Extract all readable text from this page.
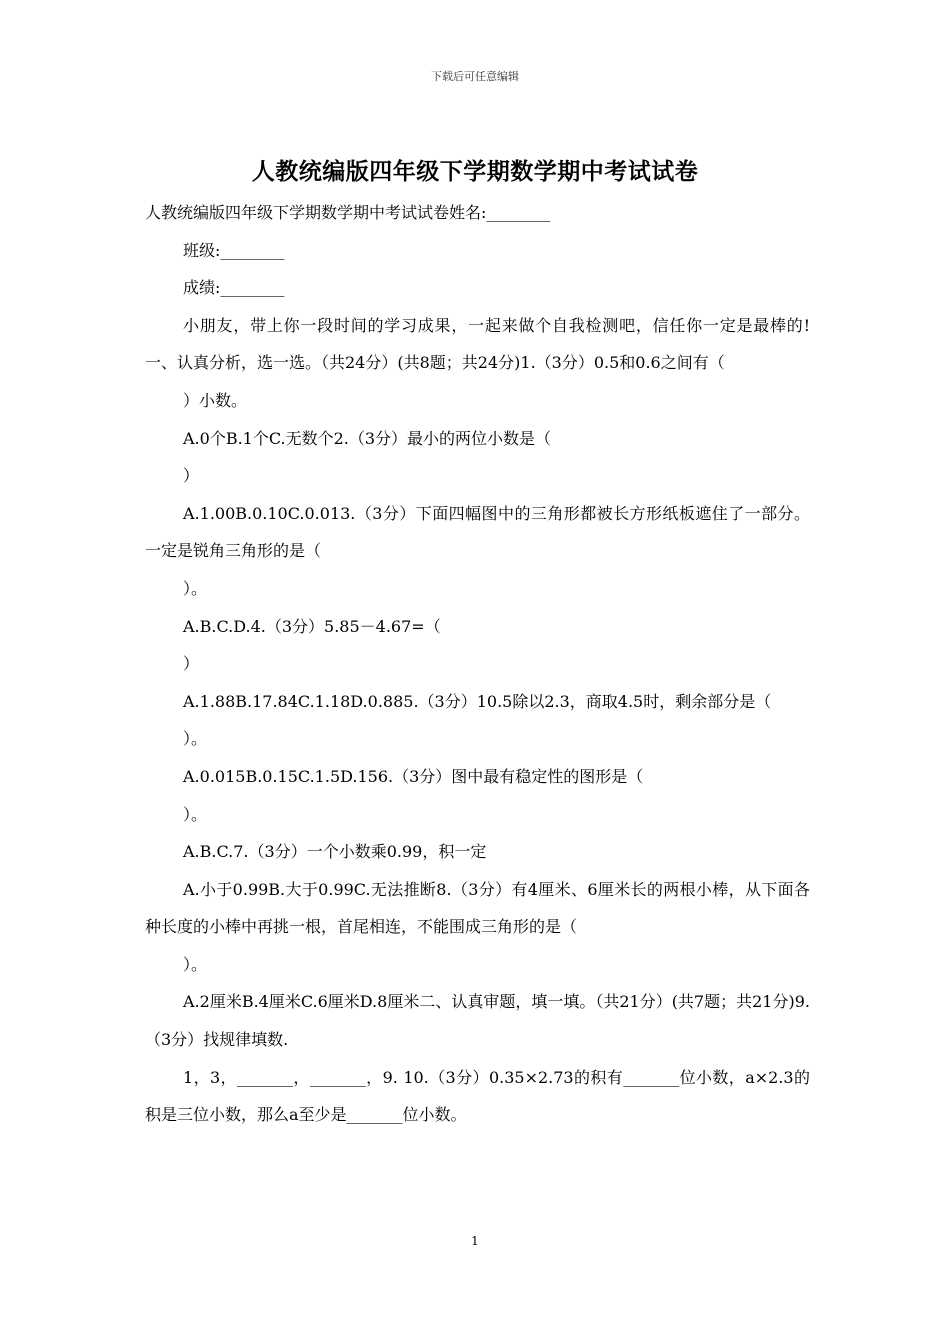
下载后可任意编辑
人教统编版四年级下学期数学期中考试试卷

人教统编版四年级下学期数学期中考试试卷姓名:________

班级:________

成绩:________

小朋友，带上你一段时间的学习成果，一起来做个自我检测吧，信任你一定是最棒的!一、认真分析，选一选。（共24分）(共8题；共24分)1.（3分）0.5和0.6之间有（

）小数。

A.0个B.1个C.无数个2.（3分）最小的两位小数是（

）

A.1.00B.0.10C.0.013.（3分）下面四幅图中的三角形都被长方形纸板遮住了一部分。一定是锐角三角形的是（

）。

A.B.C.D.4.（3分）5.85－4.67=（

）

A.1.88B.17.84C.1.18D.0.885.（3分）10.5除以2.3，商取4.5时，剩余部分是（

）。

A.0.015B.0.15C.1.5D.156.（3分）图中最有稳定性的图形是（

）。

A.B.C.7.（3分）一个小数乘0.99，积一定

A.小于0.99B.大于0.99C.无法推断8.（3分）有4厘米、6厘米长的两根小棒，从下面各种长度的小棒中再挑一根，首尾相连，不能围成三角形的是（

）。

A.2厘米B.4厘米C.6厘米D.8厘米二、认真审题，填一填。（共21分）(共7题；共21分)9.（3分）找规律填数.

1，3，_______，_______，9. 10.（3分）0.35×2.73的积有_______位小数，a×2.3的积是三位小数，那么a至少是_______位小数。

1
